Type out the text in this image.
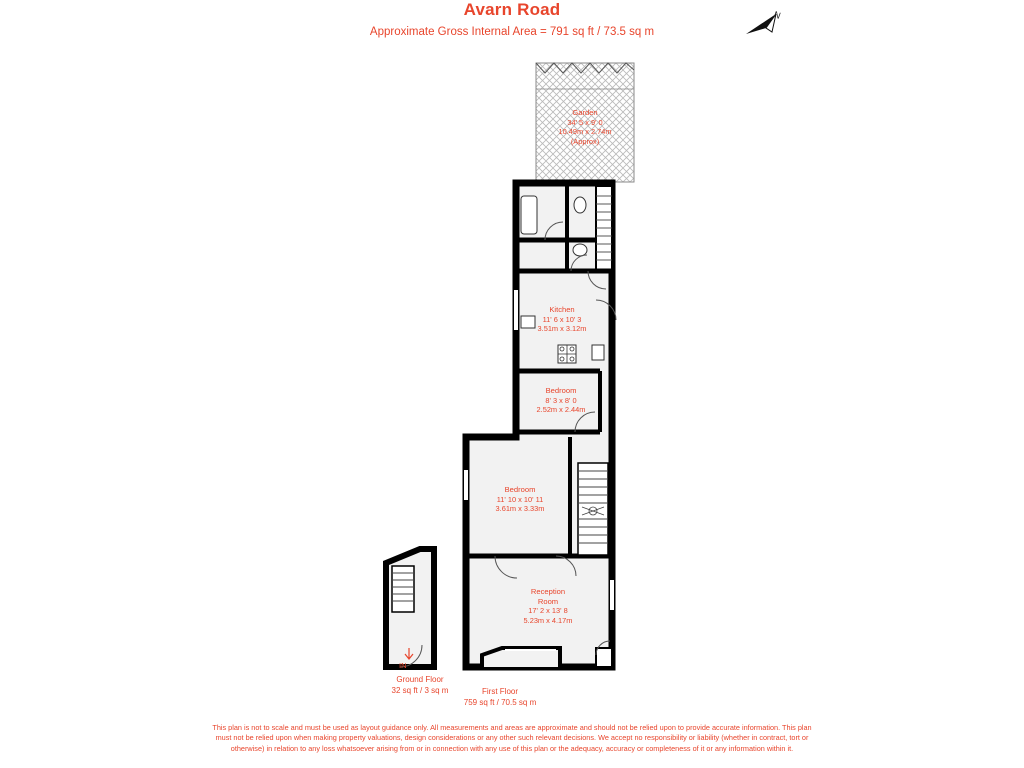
Avarn Road
Approximate Gross Internal Area = 791 sq ft / 73.5 sq m
N
Garden
34' 5 x 9' 0
10.49m x 2.74m
(Approx)
Kitchen
11' 6 x 10' 3
3.51m x 3.12m
Bedroom
8' 3 x 8' 0
2.52m x 2.44m
Bedroom
11' 10 x 10' 11
3.61m x 3.33m
Reception
Room
17' 2 x 13' 8
5.23m x 4.17m
IN
Ground Floor
32 sq ft / 3 sq m	First Floor
759 sq ft / 70.5 sq m
This plan is not to scale and must be used as layout guidance only. All measurements and areas are approximate and should not be relied upon to provide accurate information. This plan must not be relied upon when making property valuations, design considerations or any other such relevant decisions. We accept no responsibility or liability (whether in contract, tort or otherwise) in relation to any loss whatsoever arising from or in connection with any use of this plan or the adequacy, accuracy or completeness of it or any information within it.
